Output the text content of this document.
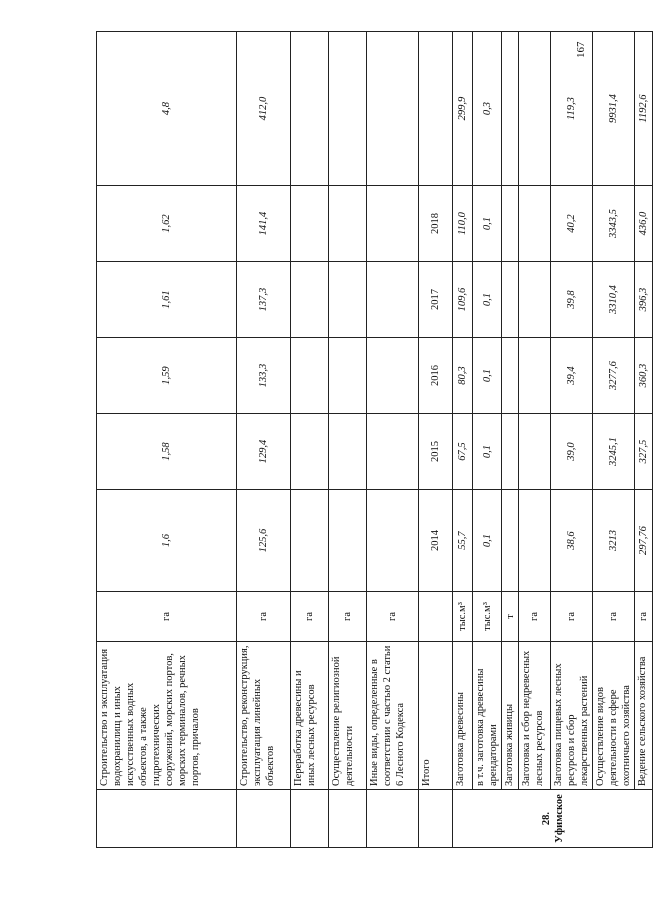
	Строительство и эксплуатация водохранилищ и иных искусственных водных объектов, а также гидротехнических сооружений, морских портов, морских терминалов, речных портов, причалов	га	1,6	1,58	1,59	1,61	1,62	4,8
	Строительство, реконструкция, эксплуатация линейных объектов	га	125,6	129,4	133,3	137,3	141,4	412,0
	Переработка древесины и иных лесных ресурсов	га						
	Осуществление религиозной деятельности	га						
	Иные виды, определенные в соответствии с частью 2 статьи 6 Лесного Кодекса	га						
	Итого		2014	2015	2016	2017	2018	
28. Уфимское	Заготовка древесины	тыс.м³	55,7	67,5	80,3	109,6	110,0	299,9
	в т.ч. заготовка древесины арендаторами	тыс.м³	0,1	0,1	0,1	0,1	0,1	0,3
	Заготовка живицы	т						
	Заготовка и сбор недревесных лесных ресурсов	га						
	Заготовка пищевых лесных ресурсов и сбор лекарственных растений	га	38,6	39,0	39,4	39,8	40,2	119,3
	Осуществление видов деятельности в сфере охотничьего хозяйства	га	3213	3245,1	3277,6	3310,4	3343,5	9931,4
	Ведение сельского хозяйства	га	297,76	327,5	360,3	396,3	436,0	1192,6
167
